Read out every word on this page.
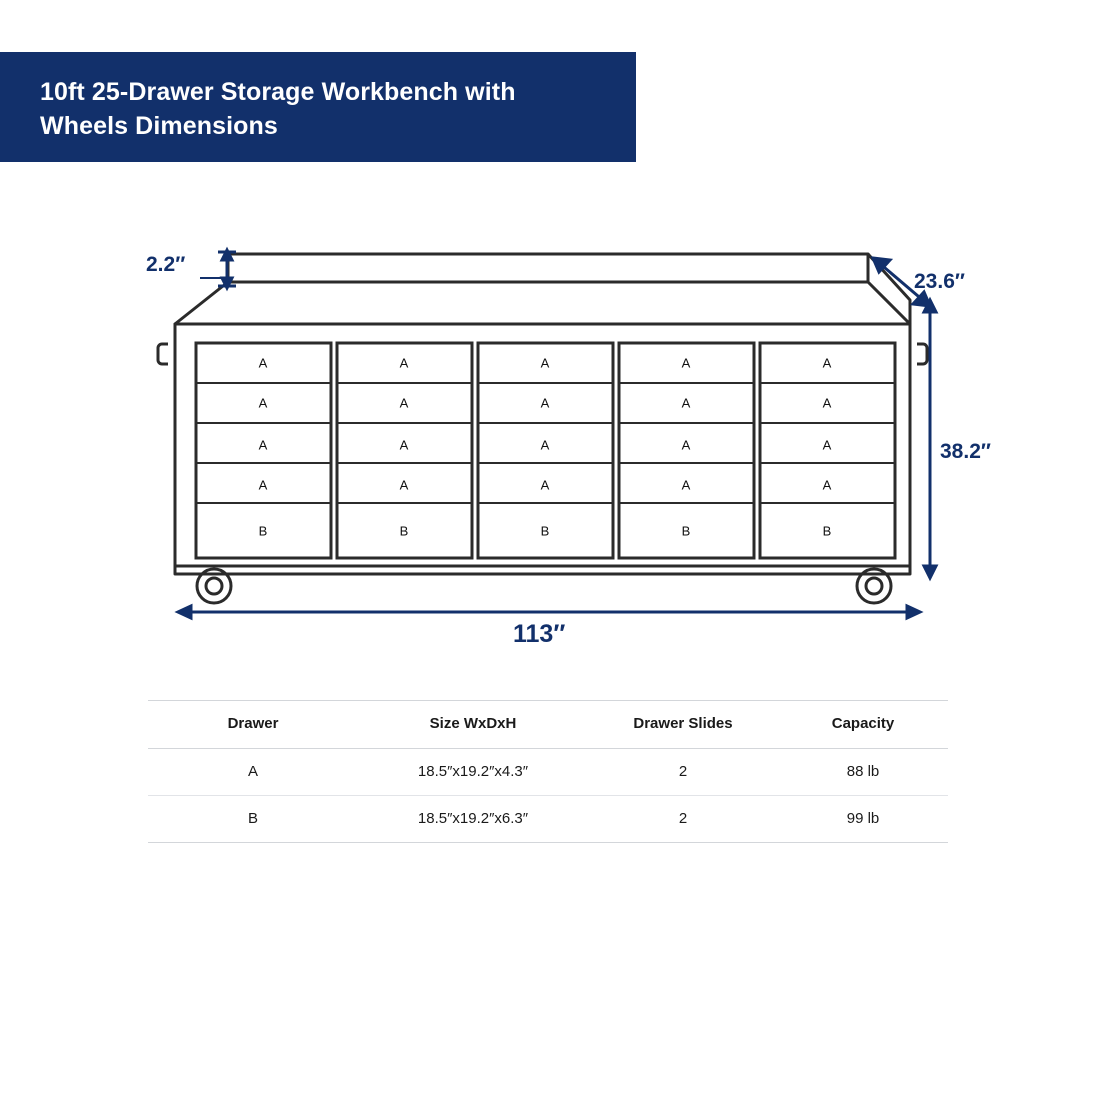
10ft 25-Drawer Storage Workbench with Wheels Dimensions
2.2″
23.6″
38.2″
113″
A	A	A	A	A
A	A	A	A	A
A	A	A	A	A
A	A	A	A	A
B	B	B	B	B
Drawer	Size WxDxH	Drawer Slides	Capacity
A	18.5″x19.2″x4.3″	2	88 lb
B	18.5″x19.2″x6.3″	2	99 lb
